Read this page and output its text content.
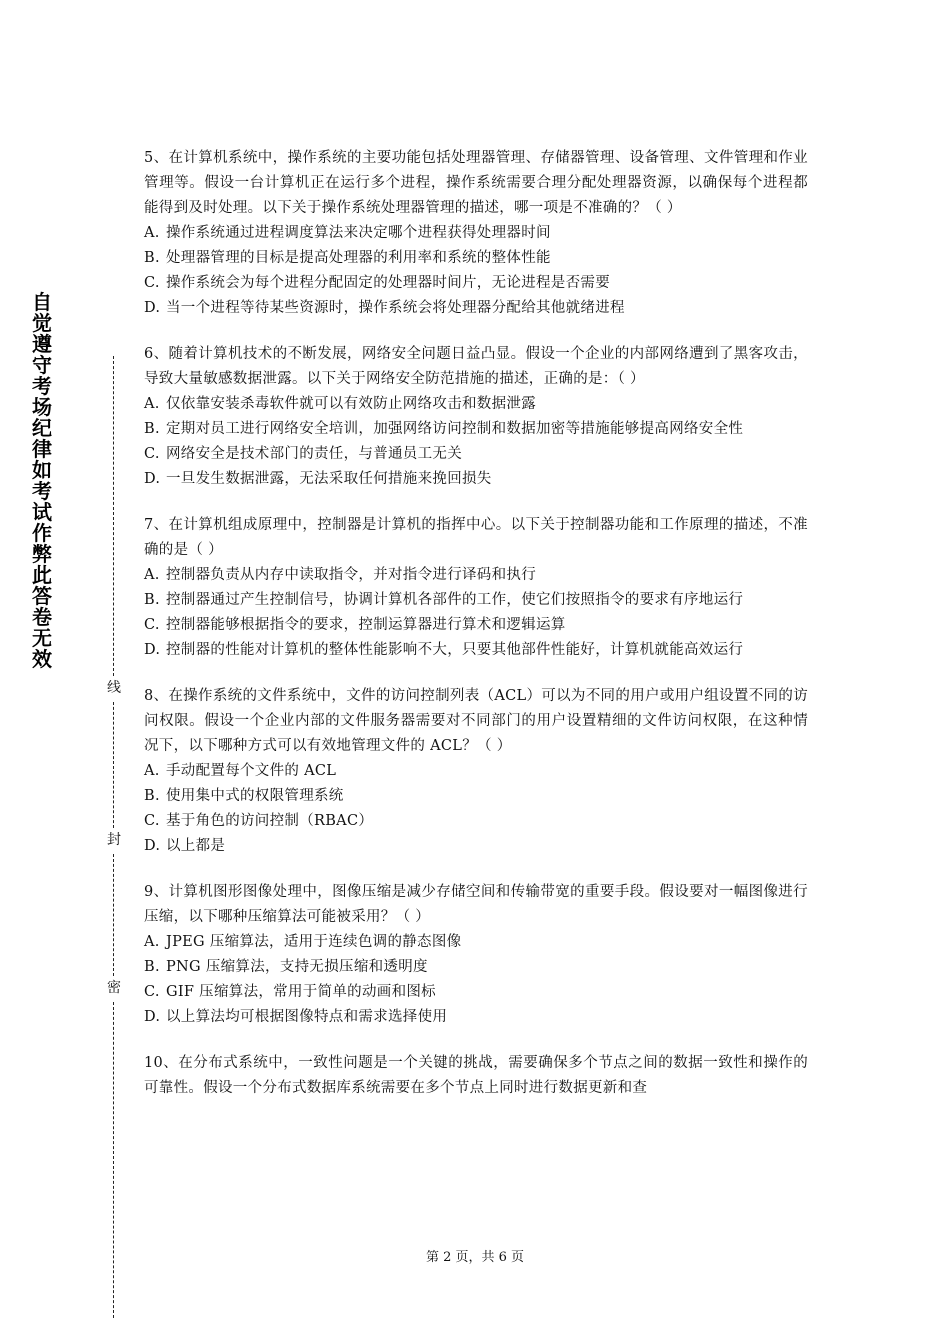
自觉遵守考场纪律如考试作弊此答卷无效
线
封
密
5、在计算机系统中，操作系统的主要功能包括处理器管理、存储器管理、设备管理、文件管理和作业管理等。假设一台计算机正在运行多个进程，操作系统需要合理分配处理器资源，以确保每个进程都能得到及时处理。以下关于操作系统处理器管理的描述，哪一项是不准确的？（ ）
A. 操作系统通过进程调度算法来决定哪个进程获得处理器时间
B. 处理器管理的目标是提高处理器的利用率和系统的整体性能
C. 操作系统会为每个进程分配固定的处理器时间片，无论进程是否需要
D. 当一个进程等待某些资源时，操作系统会将处理器分配给其他就绪进程
6、随着计算机技术的不断发展，网络安全问题日益凸显。假设一个企业的内部网络遭到了黑客攻击，导致大量敏感数据泄露。以下关于网络安全防范措施的描述，正确的是：（ ）
A. 仅依靠安装杀毒软件就可以有效防止网络攻击和数据泄露
B. 定期对员工进行网络安全培训，加强网络访问控制和数据加密等措施能够提高网络安全性
C. 网络安全是技术部门的责任，与普通员工无关
D. 一旦发生数据泄露，无法采取任何措施来挽回损失
7、在计算机组成原理中，控制器是计算机的指挥中心。以下关于控制器功能和工作原理的描述，不准确的是（ ）
A. 控制器负责从内存中读取指令，并对指令进行译码和执行
B. 控制器通过产生控制信号，协调计算机各部件的工作，使它们按照指令的要求有序地运行
C. 控制器能够根据指令的要求，控制运算器进行算术和逻辑运算
D. 控制器的性能对计算机的整体性能影响不大，只要其他部件性能好，计算机就能高效运行
8、在操作系统的文件系统中，文件的访问控制列表（ACL）可以为不同的用户或用户组设置不同的访问权限。假设一个企业内部的文件服务器需要对不同部门的用户设置精细的文件访问权限，在这种情况下，以下哪种方式可以有效地管理文件的 ACL？（ ）
A. 手动配置每个文件的 ACL
B. 使用集中式的权限管理系统
C. 基于角色的访问控制（RBAC）
D. 以上都是
9、计算机图形图像处理中，图像压缩是减少存储空间和传输带宽的重要手段。假设要对一幅图像进行压缩，以下哪种压缩算法可能被采用？（ ）
A. JPEG 压缩算法，适用于连续色调的静态图像
B. PNG 压缩算法，支持无损压缩和透明度
C. GIF 压缩算法，常用于简单的动画和图标
D. 以上算法均可根据图像特点和需求选择使用
10、在分布式系统中，一致性问题是一个关键的挑战，需要确保多个节点之间的数据一致性和操作的可靠性。假设一个分布式数据库系统需要在多个节点上同时进行数据更新和查
第 2 页，共 6 页
